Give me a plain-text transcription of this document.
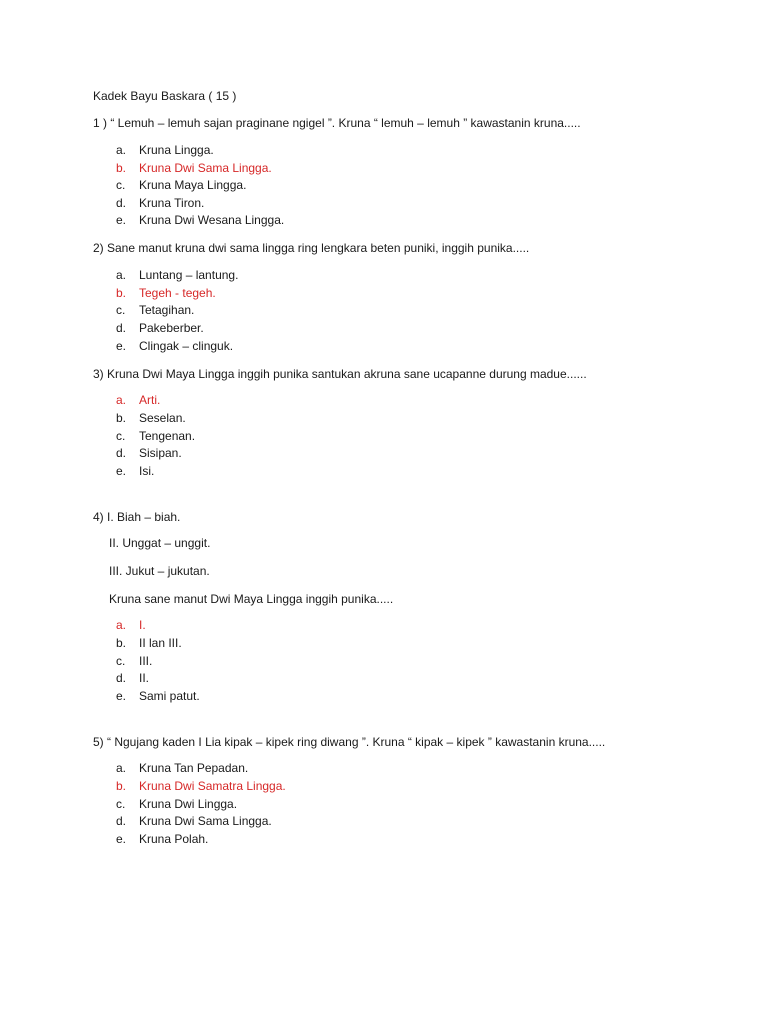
Kadek Bayu Baskara ( 15 )
1 ) “ Lemuh – lemuh sajan praginane ngigel ”. Kruna “ lemuh – lemuh ” kawastanin kruna.....
a. Kruna Lingga.
b. Kruna Dwi Sama Lingga.
c. Kruna Maya Lingga.
d. Kruna Tiron.
e. Kruna Dwi Wesana Lingga.
2) Sane manut kruna dwi sama lingga ring lengkara beten puniki, inggih punika.....
a. Luntang – lantung.
b. Tegeh - tegeh.
c. Tetagihan.
d. Pakeberber.
e. Clingak – clinguk.
3) Kruna Dwi Maya Lingga inggih punika santukan akruna sane ucapanne durung madue......
a. Arti.
b. Seselan.
c. Tengenan.
d. Sisipan.
e. Isi.
4) I. Biah – biah.
II. Unggat – unggit.
III. Jukut – jukutan.
Kruna sane manut Dwi Maya Lingga inggih punika.....
a. I.
b. II lan III.
c. III.
d. II.
e. Sami patut.
5) “ Ngujang kaden I Lia kipak – kipek ring diwang ”. Kruna “ kipak – kipek ” kawastanin kruna.....
a. Kruna Tan Pepadan.
b. Kruna Dwi Samatra Lingga.
c. Kruna Dwi Lingga.
d. Kruna Dwi Sama Lingga.
e. Kruna Polah.
